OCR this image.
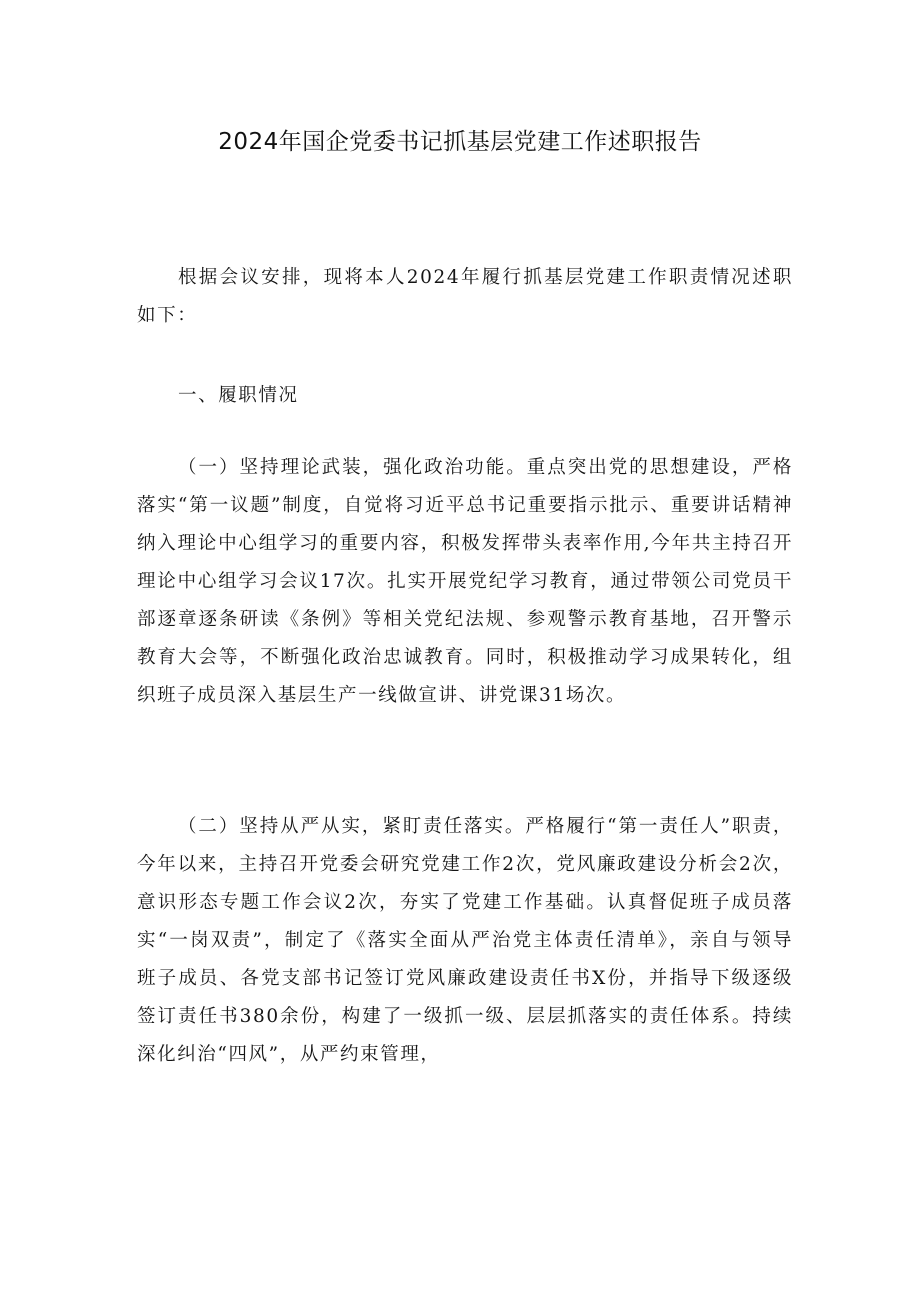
2024年国企党委书记抓基层党建工作述职报告

根据会议安排，现将本人2024年履行抓基层党建工作职责情况述职如下：

一、履职情况

（一）坚持理论武装，强化政治功能。重点突出党的思想建设，严格落实“第一议题”制度，自觉将习近平总书记重要指示批示、重要讲话精神纳入理论中心组学习的重要内容，积极发挥带头表率作用,今年共主持召开理论中心组学习会议17次。扎实开展党纪学习教育，通过带领公司党员干部逐章逐条研读《条例》等相关党纪法规、参观警示教育基地，召开警示教育大会等，不断强化政治忠诚教育。同时，积极推动学习成果转化，组织班子成员深入基层生产一线做宣讲、讲党课31场次。

（二）坚持从严从实，紧盯责任落实。严格履行“第一责任人”职责，今年以来，主持召开党委会研究党建工作2次，党风廉政建设分析会2次，意识形态专题工作会议2次，夯实了党建工作基础。认真督促班子成员落实“一岗双责”，制定了《落实全面从严治党主体责任清单》，亲自与领导班子成员、各党支部书记签订党风廉政建设责任书X份，并指导下级逐级签订责任书380余份，构建了一级抓一级、层层抓落实的责任体系。持续深化纠治“四风”，从严约束管理，
